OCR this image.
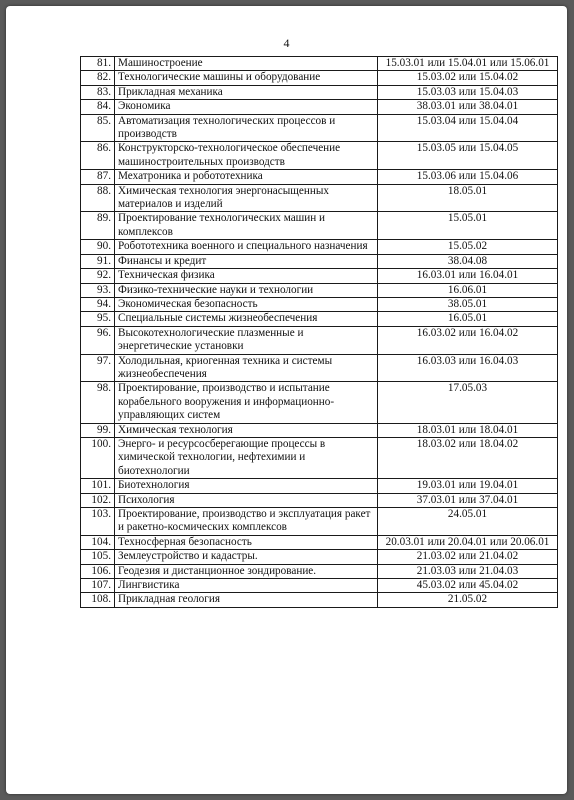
4
81.	Машиностроение	15.03.01 или 15.04.01 или 15.06.01
82.	Технологические машины и оборудование	15.03.02 или 15.04.02
83.	Прикладная механика	15.03.03 или 15.04.03
84.	Экономика	38.03.01 или 38.04.01
85.	Автоматизация технологических процессов и производств	15.03.04 или 15.04.04
86.	Конструкторско-технологическое обеспечение машиностроительных производств	15.03.05 или 15.04.05
87.	Мехатроника и робототехника	15.03.06 или 15.04.06
88.	Химическая технология энергонасыщенных материалов и изделий	18.05.01
89.	Проектирование технологических машин и комплексов	15.05.01
90.	Робототехника военного и специального назначения	15.05.02
91.	Финансы и кредит	38.04.08
92.	Техническая физика	16.03.01 или 16.04.01
93.	Физико-технические науки и технологии	16.06.01
94.	Экономическая безопасность	38.05.01
95.	Специальные системы жизнеобеспечения	16.05.01
96.	Высокотехнологические плазменные и энергетические установки	16.03.02 или 16.04.02
97.	Холодильная, криогенная техника и системы жизнеобеспечения	16.03.03 или 16.04.03
98.	Проектирование, производство и испытание корабельного вооружения и информационно-управляющих систем	17.05.03
99.	Химическая технология	18.03.01 или 18.04.01
100.	Энерго- и ресурсосберегающие процессы в химической технологии, нефтехимии и биотехнологии	18.03.02 или 18.04.02
101.	Биотехнология	19.03.01 или 19.04.01
102.	Психология	37.03.01 или 37.04.01
103.	Проектирование, производство и эксплуатация ракет и ракетно-космических комплексов	24.05.01
104.	Техносферная безопасность	20.03.01 или 20.04.01 или 20.06.01
105.	Землеустройство и кадастры.	21.03.02 или 21.04.02
106.	Геодезия и дистанционное зондирование.	21.03.03 или 21.04.03
107.	Лингвистика	45.03.02 или 45.04.02
108.	Прикладная геология	21.05.02
